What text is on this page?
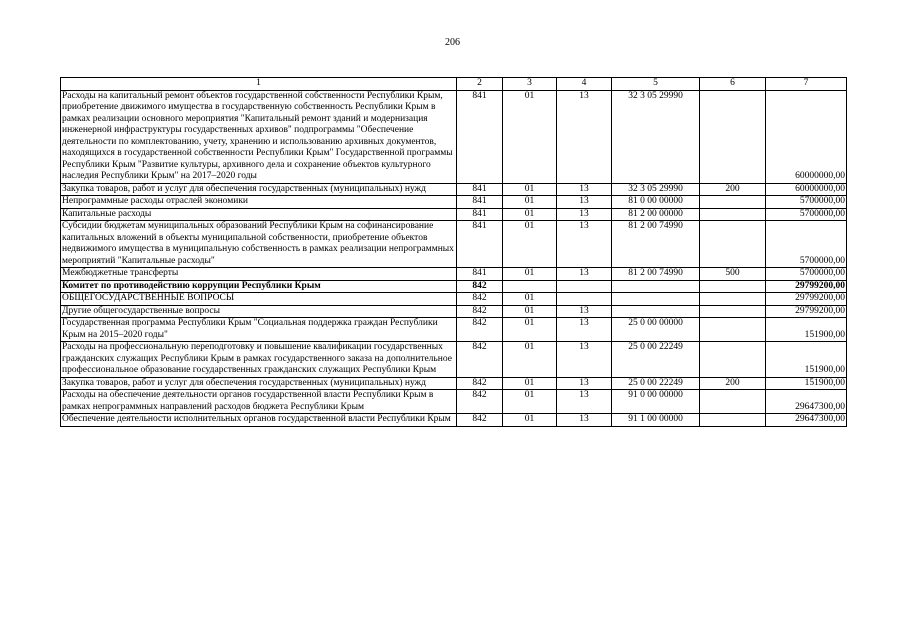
206
1	2	3	4	5	6	7
Расходы на капитальный ремонт объектов государственной собственности Республики Крым, приобретение движимого имущества в государственную собственность Республики Крым в рамках реализации основного мероприятия "Капитальный ремонт зданий и модернизация инженерной инфраструктуры государственных архивов" подпрограммы "Обеспечение деятельности по комплектованию, учету, хранению и использованию архивных документов, находящихся в государственной собственности Республики Крым" Государственной программы Республики Крым "Развитие культуры, архивного дела и сохранение объектов культурного наследия Республики Крым" на 2017–2020 годы	841	01	13	32 3 05 29990		60000000,00
Закупка товаров, работ и услуг для обеспечения государственных (муниципальных) нужд	841	01	13	32 3 05 29990	200	60000000,00
Непрограммные расходы отраслей экономики	841	01	13	81 0 00 00000		5700000,00
Капитальные расходы	841	01	13	81 2 00 00000		5700000,00
Субсидии бюджетам муниципальных образований Республики Крым на софинансирование капитальных вложений в объекты муниципальной собственности, приобретение объектов недвижимого имущества в муниципальную собственность в рамках реализации непрограммных мероприятий "Капитальные расходы"	841	01	13	81 2 00 74990		5700000,00
Межбюджетные трансферты	841	01	13	81 2 00 74990	500	5700000,00
Комитет по противодействию коррупции Республики Крым	842					29799200,00
ОБЩЕГОСУДАРСТВЕННЫЕ ВОПРОСЫ	842	01				29799200,00
Другие общегосударственные вопросы	842	01	13			29799200,00
Государственная программа Республики Крым "Социальная поддержка граждан Республики Крым на 2015–2020 годы"	842	01	13	25 0 00 00000		151900,00
Расходы на профессиональную переподготовку и повышение квалификации государственных гражданских служащих Республики Крым в рамках государственного заказа на дополнительное профессиональное образование государственных гражданских служащих Республики Крым	842	01	13	25 0 00 22249		151900,00
Закупка товаров, работ и услуг для обеспечения государственных (муниципальных) нужд	842	01	13	25 0 00 22249	200	151900,00
Расходы на обеспечение деятельности органов государственной власти Республики Крым в рамках непрограммных направлений расходов бюджета Республики Крым	842	01	13	91 0 00 00000		29647300,00
Обеспечение деятельности исполнительных органов государственной власти Республики Крым	842	01	13	91 1 00 00000		29647300,00
